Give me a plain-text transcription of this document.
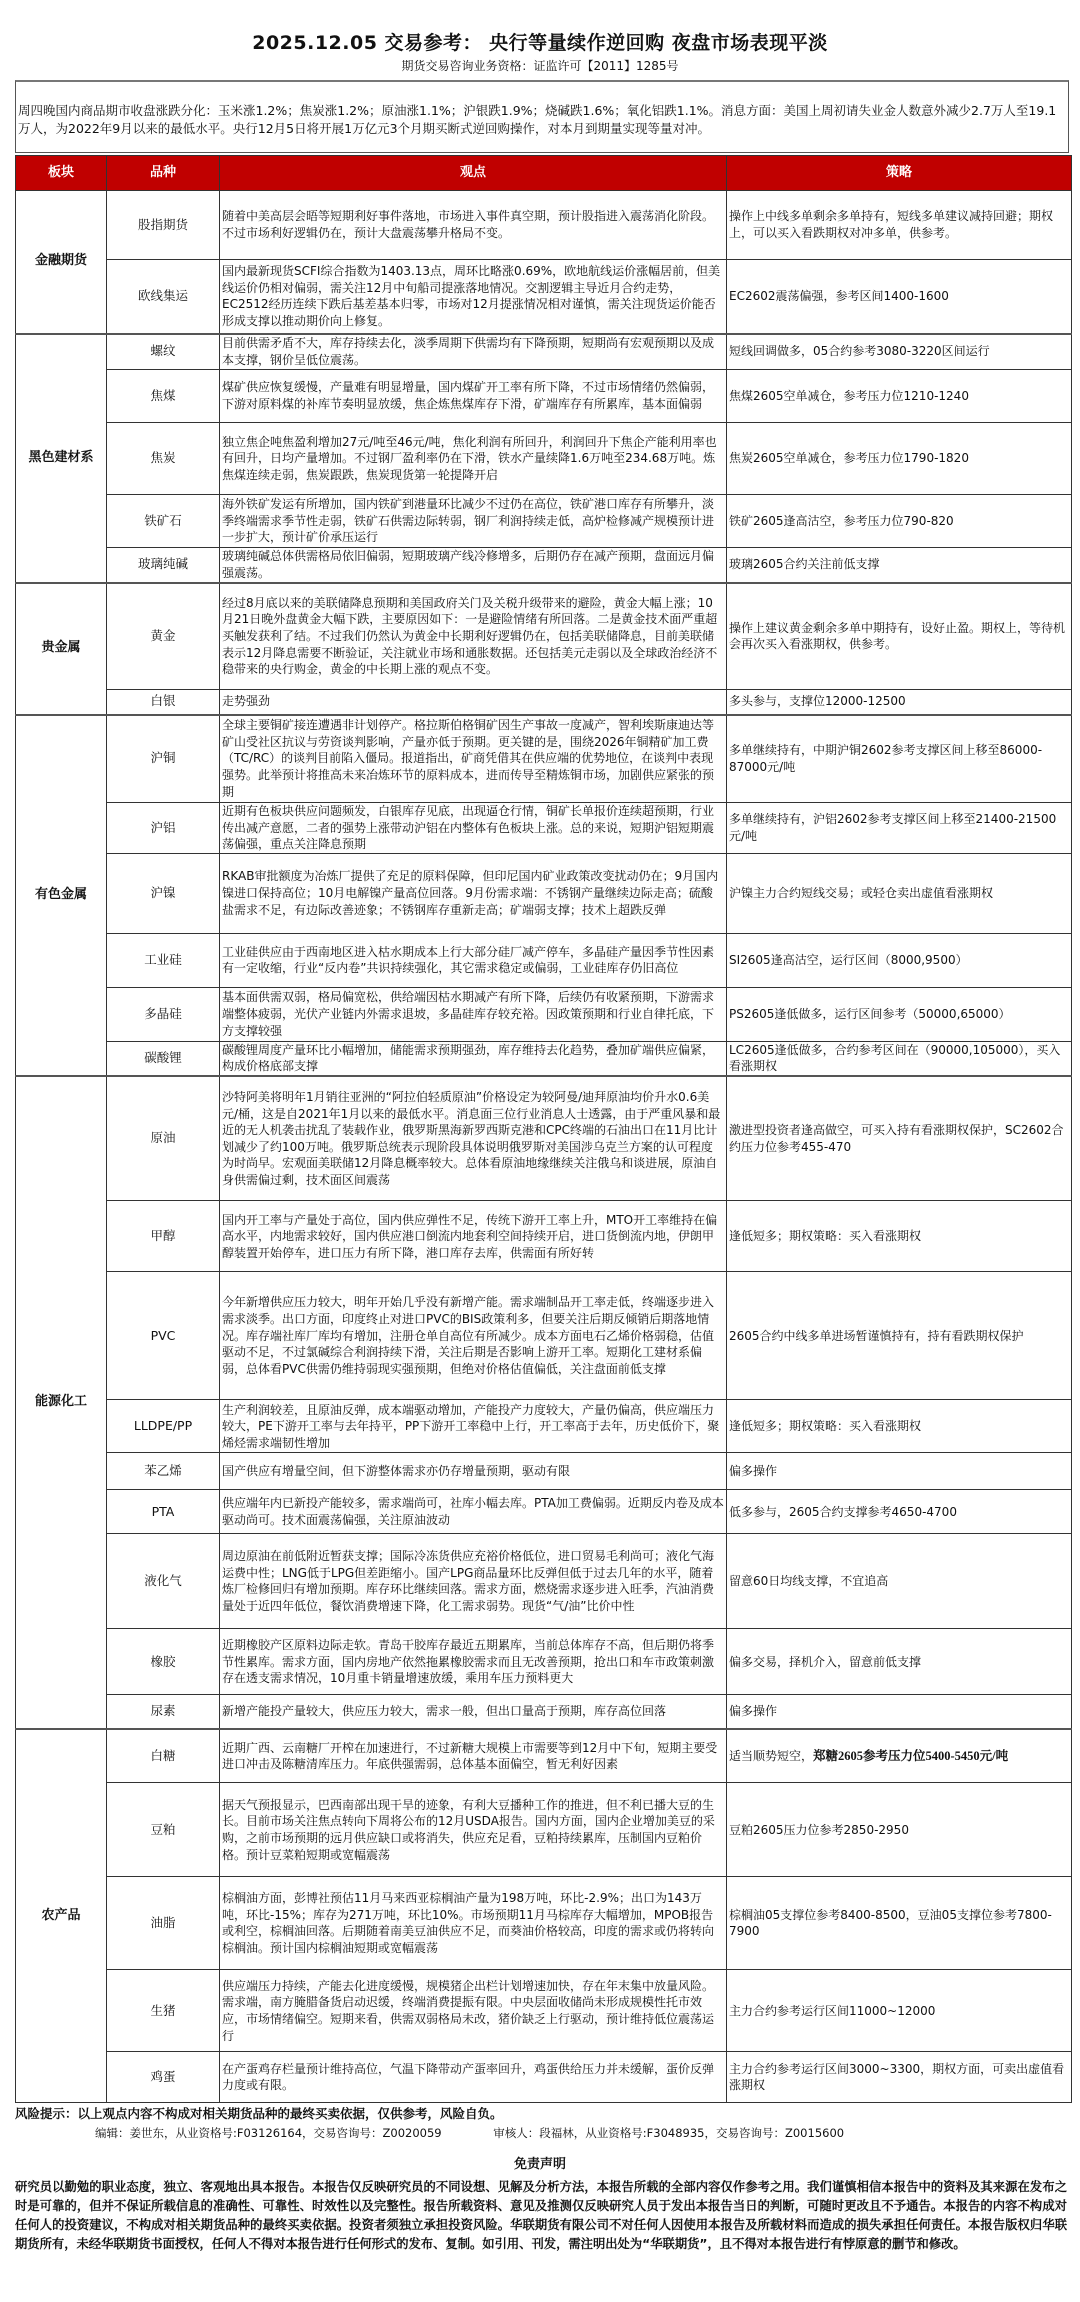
2025.12.05 交易参考： 央行等量续作逆回购 夜盘市场表现平淡
期货交易咨询业务资格：证监许可【2011】1285号
周四晚国内商品期市收盘涨跌分化：玉米涨1.2%；焦炭涨1.2%；原油涨1.1%；沪银跌1.9%；烧碱跌1.6%；氧化铝跌1.1%。消息方面：美国上周初请失业金人数意外减少2.7万人至19.1万人，为2022年9月以来的最低水平。央行12月5日将开展1万亿元3个月期买断式逆回购操作，对本月到期量实现等量对冲。
板块	品种	观点	策略
金融期货	股指期货	随着中美高层会晤等短期利好事件落地，市场进入事件真空期，预计股指进入震荡消化阶段。不过市场利好逻辑仍在，预计大盘震荡攀升格局不变。	操作上中线多单剩余多单持有，短线多单建议减持回避；期权上，可以买入看跌期权对冲多单，供参考。
	欧线集运	国内最新现货SCFI综合指数为1403.13点，周环比略涨0.69%，欧地航线运价涨幅居前，但美线运价仍相对偏弱，需关注12月中旬船司提涨落地情况。交割逻辑主导近月合约走势，EC2512经历连续下跌后基差基本归零，市场对12月提涨情况相对谨慎，需关注现货运价能否形成支撑以推动期价向上修复。	EC2602震荡偏强，参考区间1400-1600
黑色建材系	螺纹	目前供需矛盾不大，库存持续去化，淡季周期下供需均有下降预期，短期尚有宏观预期以及成本支撑，钢价呈低位震荡。	短线回调做多，05合约参考3080-3220区间运行
	焦煤	煤矿供应恢复缓慢，产量难有明显增量，国内煤矿开工率有所下降，不过市场情绪仍然偏弱，下游对原料煤的补库节奏明显放缓，焦企炼焦煤库存下滑，矿端库存有所累库，基本面偏弱	焦煤2605空单减仓，参考压力位1210-1240
	焦炭	独立焦企吨焦盈利增加27元/吨至46元/吨，焦化利润有所回升，利润回升下焦企产能利用率也有回升，日均产量增加。不过钢厂盈利率仍在下滑，铁水产量续降1.6万吨至234.68万吨。炼焦煤连续走弱，焦炭跟跌，焦炭现货第一轮提降开启	焦炭2605空单减仓，参考压力位1790-1820
	铁矿石	海外铁矿发运有所增加，国内铁矿到港量环比减少不过仍在高位，铁矿港口库存有所攀升，淡季终端需求季节性走弱，铁矿石供需边际转弱，钢厂利润持续走低，高炉检修减产规模预计进一步扩大，预计矿价承压运行	铁矿2605逢高沽空，参考压力位790-820
	玻璃纯碱	玻璃纯碱总体供需格局依旧偏弱，短期玻璃产线冷修增多，后期仍存在减产预期，盘面远月偏强震荡。	玻璃2605合约关注前低支撑
贵金属	黄金	经过8月底以来的美联储降息预期和美国政府关门及关税升级带来的避险，黄金大幅上涨；10月21日晚外盘黄金大幅下跌，主要原因如下：一是避险情绪有所回落。二是黄金技术面严重超买触发获利了结。不过我们仍然认为黄金中长期利好逻辑仍在，包括美联储降息，目前美联储表示12月降息需要不断验证，关注就业市场和通胀数据。还包括美元走弱以及全球政治经济不稳带来的央行购金，黄金的中长期上涨的观点不变。	操作上建议黄金剩余多单中期持有，设好止盈。期权上，等待机会再次买入看涨期权，供参考。
	白银	走势强劲	多头参与，支撑位12000-12500
有色金属	沪铜	全球主要铜矿接连遭遇非计划停产。格拉斯伯格铜矿因生产事故一度减产，智利埃斯康迪达等矿山受社区抗议与劳资谈判影响，产量亦低于预期。更关键的是，围绕2026年铜精矿加工费（TC/RC）的谈判目前陷入僵局。报道指出，矿商凭借其在供应端的优势地位，在谈判中表现强势。此举预计将推高未来冶炼环节的原料成本，进而传导至精炼铜市场，加剧供应紧张的预期	多单继续持有，中期沪铜2602参考支撑区间上移至86000-87000元/吨
	沪铝	近期有色板块供应问题频发，白银库存见底，出现逼仓行情，铜矿长单报价连续超预期，行业传出减产意愿，二者的强势上涨带动沪铝在内整体有色板块上涨。总的来说，短期沪铝短期震荡偏强，重点关注降息预期	多单继续持有，沪铝2602参考支撑区间上移至21400-21500元/吨
	沪镍	RKAB审批额度为冶炼厂提供了充足的原料保障，但印尼国内矿业政策改变扰动仍在；9月国内镍进口保持高位；10月电解镍产量高位回落。9月份需求端：不锈钢产量继续边际走高；硫酸盐需求不足，有边际改善迹象；不锈钢库存重新走高；矿端弱支撑；技术上超跌反弹	沪镍主力合约短线交易；或轻仓卖出虚值看涨期权
	工业硅	工业硅供应由于西南地区进入枯水期成本上行大部分硅厂减产停车，多晶硅产量因季节性因素有一定收缩，行业“反内卷”共识持续强化，其它需求稳定或偏弱，工业硅库存仍旧高位	SI2605逢高沽空，运行区间（8000,9500）
	多晶硅	基本面供需双弱，格局偏宽松，供给端因枯水期减产有所下降，后续仍有收紧预期，下游需求端整体疲弱，光伏产业链内外需求退坡，多晶硅库存较充裕。因政策预期和行业自律托底，下方支撑较强	PS2605逢低做多，运行区间参考（50000,65000）
	碳酸锂	碳酸锂周度产量环比小幅增加，储能需求预期强劲，库存维持去化趋势，叠加矿端供应偏紧，构成价格底部支撑	LC2605逢低做多，合约参考区间在（90000,105000），买入看涨期权
能源化工	原油	沙特阿美将明年1月销往亚洲的“阿拉伯轻质原油”价格设定为较阿曼/迪拜原油均价升水0.6美元/桶，这是自2021年1月以来的最低水平。消息面三位行业消息人士透露，由于严重风暴和最近的无人机袭击扰乱了装载作业，俄罗斯黑海新罗西斯克港和CPC终端的石油出口在11月比计划减少了约100万吨。俄罗斯总统表示现阶段具体说明俄罗斯对美国涉乌克兰方案的认可程度为时尚早。宏观面美联储12月降息概率较大。总体看原油地缘继续关注俄乌和谈进展，原油自身供需偏过剩，技术面区间震荡	激进型投资者逢高做空，可买入持有看涨期权保护，SC2602合约压力位参考455-470
	甲醇	国内开工率与产量处于高位，国内供应弹性不足，传统下游开工率上升，MTO开工率维持在偏高水平，内地需求较好，国内供应港口倒流内地套利空间持续开启，进口货倒流内地，伊朗甲醇装置开始停车，进口压力有所下降，港口库存去库，供需面有所好转	逢低短多；期权策略：买入看涨期权
	PVC	今年新增供应压力较大，明年开始几乎没有新增产能。需求端制品开工率走低，终端逐步进入需求淡季。出口方面，印度终止对进口PVC的BIS政策利多，但要关注后期反倾销后期落地情况。库存端社库厂库均有增加，注册仓单自高位有所减少。成本方面电石乙烯价格弱稳，估值驱动不足，不过氯碱综合利润持续下滑，关注后期是否影响上游开工率。短期化工建材系偏弱，总体看PVC供需仍维持弱现实强预期，但绝对价格估值偏低，关注盘面前低支撑	2605合约中线多单进场暂谨慎持有，持有看跌期权保护
	LLDPE/PP	生产利润较差，且原油反弹，成本端驱动增加，产能投产力度较大，产量仍偏高，供应端压力较大，PE下游开工率与去年持平，PP下游开工率稳中上行，开工率高于去年，历史低价下，聚烯烃需求端韧性增加	逢低短多；期权策略：买入看涨期权
	苯乙烯	国产供应有增量空间，但下游整体需求亦仍存增量预期，驱动有限	偏多操作
	PTA	供应端年内已新投产能较多，需求端尚可，社库小幅去库。PTA加工费偏弱。近期反内卷及成本驱动尚可。技术面震荡偏强，关注原油波动	低多参与，2605合约支撑参考4650-4700
	液化气	周边原油在前低附近暂获支撑；国际冷冻货供应充裕价格低位，进口贸易毛利尚可；液化气海运费中性；LNG低于LPG但差距缩小。国产LPG商品量环比反弹但低于过去几年的水平，随着炼厂检修回归有增加预期。库存环比继续回落。需求方面，燃烧需求逐步进入旺季，汽油消费量处于近四年低位，餐饮消费增速下降，化工需求弱势。现货“气/油”比价中性	留意60日均线支撑，不宜追高
	橡胶	近期橡胶产区原料边际走软。青岛干胶库存最近五期累库，当前总体库存不高，但后期仍将季节性累库。需求方面，国内房地产依然拖累橡胶需求而且无改善预期，抢出口和车市政策刺激存在透支需求情况，10月重卡销量增速放缓，乘用车压力预料更大	偏多交易，择机介入，留意前低支撑
	尿素	新增产能投产量较大，供应压力较大，需求一般，但出口量高于预期，库存高位回落	偏多操作
农产品	白糖	近期广西、云南糖厂开榨在加速进行，不过新糖大规模上市需要等到12月中下旬，短期主要受进口冲击及陈糖清库压力。年底供强需弱，总体基本面偏空，暂无利好因素	适当顺势短空，郑糖2605参考压力位5400-5450元/吨
	豆粕	据天气预报显示，巴西南部出现干旱的迹象，有利大豆播种工作的推进，但不利已播大豆的生长。目前市场关注焦点转向下周将公布的12月USDA报告。国内方面，国内企业增加美豆的采购，之前市场预期的远月供应缺口或将消失，供应充足看，豆粕持续累库，压制国内豆粕价格。预计豆菜粕短期或宽幅震荡	豆粕2605压力位参考2850-2950
	油脂	棕榈油方面，彭博社预估11月马来西亚棕榈油产量为198万吨，环比-2.9%；出口为143万吨，环比-15%；库存为271万吨，环比10%。市场预期11月马棕库存大幅增加，MPOB报告或利空，棕榈油回落。后期随着南美豆油供应不足，而葵油价格较高，印度的需求或仍将转向棕榈油。预计国内棕榈油短期或宽幅震荡	棕榈油05支撑位参考8400-8500，豆油05支撑位参考7800-7900
	生猪	供应端压力持续，产能去化进度缓慢，规模猪企出栏计划增速加快，存在年末集中放量风险。需求端，南方腌腊备货启动迟缓，终端消费提振有限。中央层面收储尚未形成规模性托市效应，市场情绪偏空。短期来看，供需双弱格局未改，猪价缺乏上行驱动，预计维持低位震荡运行	主力合约参考运行区间11000~12000
	鸡蛋	在产蛋鸡存栏量预计维持高位，气温下降带动产蛋率回升，鸡蛋供给压力并未缓解，蛋价反弹力度或有限。	主力合约参考运行区间3000~3300，期权方面，可卖出虚值看涨期权
风险提示：以上观点内容不构成对相关期货品种的最终买卖依据，仅供参考，风险自负。
编辑：姜世东，从业资格号:F03126164，交易咨询号：Z0020059	审核人：段福林，从业资格号:F3048935，交易咨询号：Z0015600
免责声明
研究员以勤勉的职业态度，独立、客观地出具本报告。本报告仅反映研究员的不同设想、见解及分析方法，本报告所载的全部内容仅作参考之用。我们谨慎相信本报告中的资料及其来源在发布之时是可靠的，但并不保证所载信息的准确性、可靠性、时效性以及完整性。报告所载资料、意见及推测仅反映研究人员于发出本报告当日的判断，可随时更改且不予通告。本报告的内容不构成对任何人的投资建议，不构成对相关期货品种的最终买卖依据。投资者须独立承担投资风险。华联期货有限公司不对任何人因使用本报告及所载材料而造成的损失承担任何责任。本报告版权归华联期货所有，未经华联期货书面授权，任何人不得对本报告进行任何形式的发布、复制。如引用、刊发，需注明出处为“华联期货”，且不得对本报告进行有悖原意的删节和修改。
